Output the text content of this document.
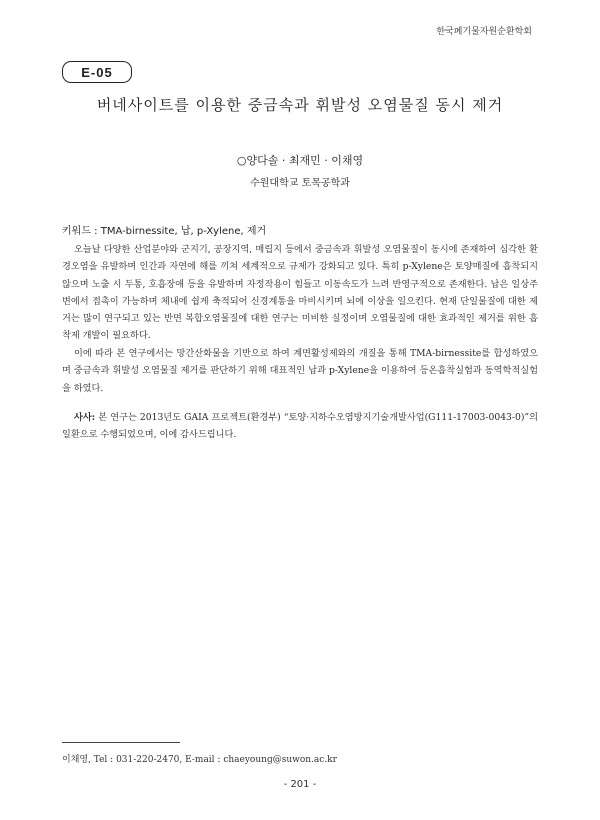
한국폐기물자원순환학회
E-05
버네사이트를 이용한 중금속과 휘발성 오염물질 동시 제거
○양다솔 · 최재민 · 이채영
수원대학교 토목공학과
키워드 : TMA-birnessite, 납, p-Xylene, 제거

오늘날 다양한 산업분야와 군지기, 공장지역, 매립지 등에서 중금속과 휘발성 오염물질이 동시에 존재하여 심각한 환경오염을 유발하며 인간과 자연에 해를 끼쳐 세계적으로 규제가 강화되고 있다. 특히 p-Xylene은 토양매질에 흡착되지 않으며 노출 시 두통, 호흡장애 등을 유발하며 자정작용이 힘들고 이동속도가 느려 반영구적으로 존재한다. 납은 일상주변에서 접촉이 가능하며 체내에 쉽게 축적되어 신경계통을 마비시키며 뇌에 이상을 일으킨다. 현재 단일물질에 대한 제거는 많이 연구되고 있는 반면 복합오염물질에 대한 연구는 미비한 실정이며 오염물질에 대한 효과적인 제거를 위한 흡착제 개발이 필요하다.

이에 따라 본 연구에서는 망간산화물을 기반으로 하여 계면활성제와의 개질을 통해 TMA-birnessite를 합성하였으며 중금속과 휘발성 오염물질 제거를 판단하기 위해 대표적인 납과 p-Xylene을 이용하여 등온흡착실험과 동역학적실험을 하였다.

사사: 본 연구는 2013년도 GAIA 프로젝트(환경부) “토양·지하수오염방지기술개발사업(G111-17003-0043-0)”의 일환으로 수행되었으며, 이에 감사드립니다.

이채영, Tel : 031-220-2470, E-mail : chaeyoung@suwon.ac.kr
- 201 -
